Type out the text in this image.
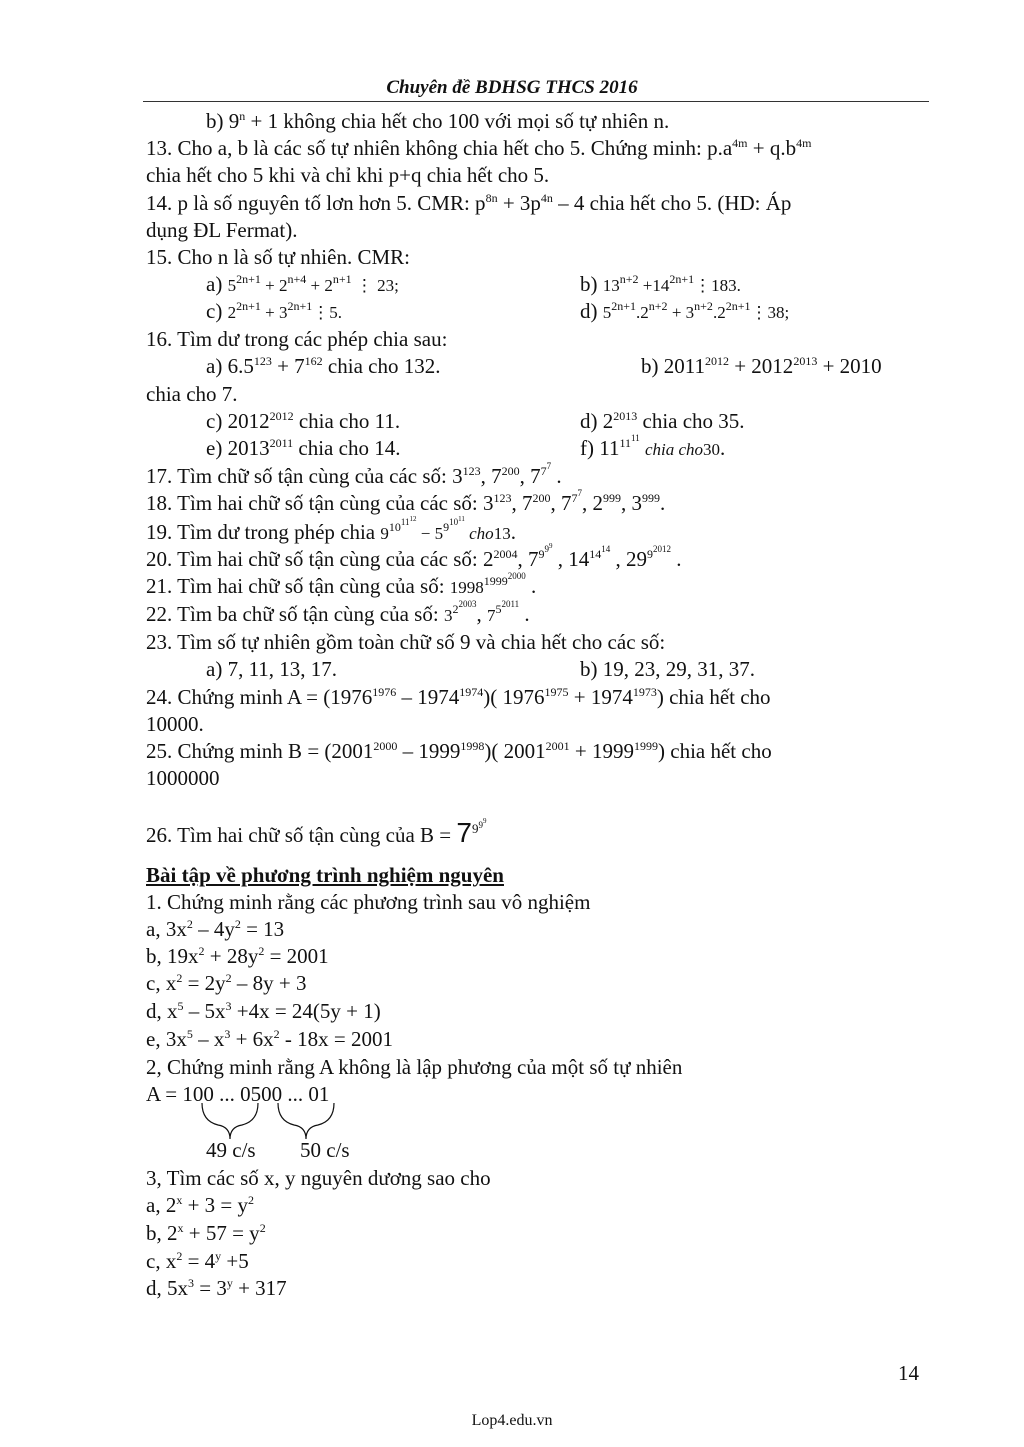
Chuyên đề BDHSG THCS 2016
b) $9^n + 1$ không chia hết cho 100 với mọi số tự nhiên n.
13. Cho a, b là các số tự nhiên không chia hết cho 5. Chứng minh: $p.a^{4m} + q.b^{4m}$
chia hết cho 5 khi và chỉ khi p+q chia hết cho 5.
14. p là số nguyên tố lơn hơn 5. CMR: $p^{8n} + 3p^{4n} - 4$ chia hết cho 5. (HD: Áp
dụng ĐL Fermat).
15. Cho n là số tự nhiên. CMR:
a) $5^{2n+1} + 2^{n+4} + 2^{n+1}$ ⋮ 23;	b) $13^{n+2}$ $+14^{2n+1}⋮183$.
c) $2^{2n+1}$ + $3^{2n+1}⋮5$.	d) $5^{2n+1}.2^{n+2}$ + $3^{n+2}.2^{2n+1}⋮38$;
16. Tìm dư trong các phép chia sau:
a) $6.5^{123} + 7^{162}$ chia cho 132.	b) $2011^{2012} + 2012^{2013} + 2010$
chia cho 7.
c) $2012^{2012}$ chia cho 11.	d) $2^{2013}$ chia cho 35.
e) $2013^{2011}$ chia cho 14.	f) $11^{11^{11}}$ chia cho30.
17. Tìm chữ số tận cùng của các số: $3^{123}$, $7^{200}$, $7^{7^7}$ .
18. Tìm hai chữ số tận cùng của các số: $3^{123}$, $7^{200}$, $7^{7^7}$, $2^{999}$, $3^{999}$.
19. Tìm dư trong phép chia $9^{10^{11^{12}}} - 5^{9^{10^{11}}}$ cho13.
20. Tìm hai chữ số tận cùng của các số: $2^{2004}$, $7^{9^{9^9}}$ , $14^{14^{14}}$ , $29^{9^{2012}}$ .
21. Tìm hai chữ số tận cùng của số: $1998^{1999^{2000}}$ .
22. Tìm ba chữ số tận cùng của số: $3^{2^{2003}}$, $7^{5^{2011}}$ .
23. Tìm số tự nhiên gồm toàn chữ số 9 và chia hết cho các số:
a) 7, 11, 13, 17.	b) 19, 23, 29, 31, 37.
24. Chứng minh $A = (1976^{1976} - 1974^{1974})$( $1976^{1975} + 1974^{1973}$) chia hết cho
10000.
25. Chứng minh $B = (2001^{2000} - 1999^{1998})$( $2001^{2001} + 1999^{1999}$) chia hết cho
1000000
26. Tìm hai chữ số tận cùng của $B = 7^{9^{9^9}}$
Bài tập về phương trình nghiệm nguyên
1. Chứng minh rằng các phương trình sau vô nghiệm
a, $3x^2 - 4y^2 = 13$
b, $19x^2 + 28y^2 = 2001$
c, $x^2 = 2y^2 - 8y + 3$
d, $x^5 - 5x^3 +4x = 24(5y + 1)$
e, $3x^5 - x^3 + 6x^2 - 18x = 2001$
2, Chứng minh rằng A không là lập phương của một số tự nhiên
A = 100 ... 0500 ... 01
49 c/s 50 c/s
3, Tìm các số x, y nguyên dương sao cho
a, $2^x + 3 = y^2$
b, $2^x + 57 = y^2$
c, $x^2 = 4^y +5$
d, $5x^3 = 3^y + 317$
14
Lop4.edu.vn
